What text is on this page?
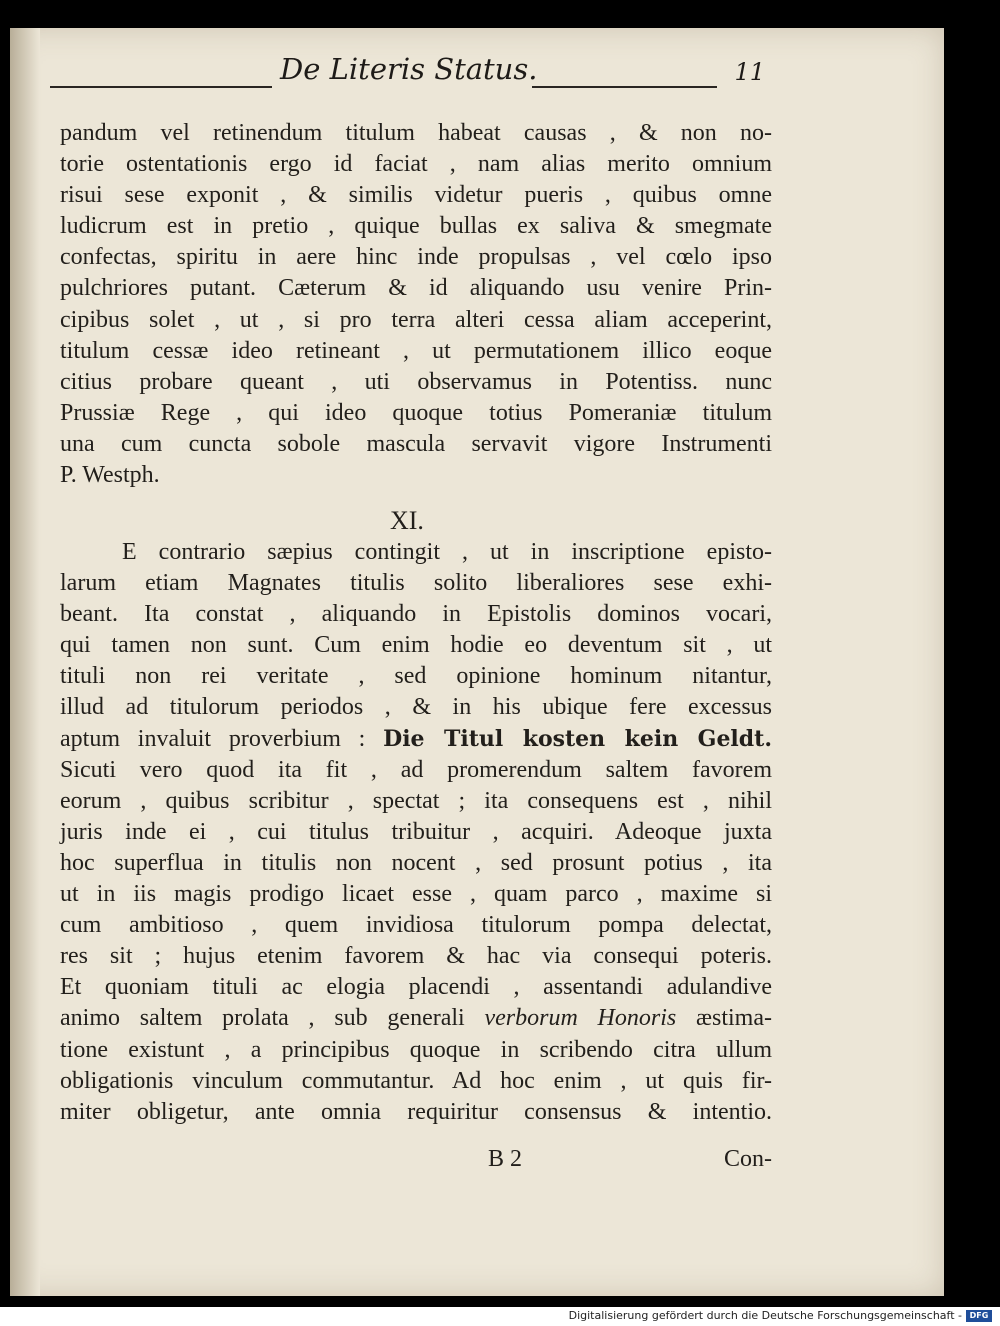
De Literis Status.	11
pandum vel retinendum titulum habeat causas , & non no-
torie ostentationis ergo id faciat , nam alias merito omnium
risui sese exponit , & similis videtur pueris , quibus omne
ludicrum est in pretio , quique bullas ex saliva & smegmate
confectas, spiritu in aere hinc inde propulsas , vel cœlo ipso
pulchriores putant. Cæterum & id aliquando usu venire Prin-
cipibus solet , ut , si pro terra alteri cessa aliam acceperint,
titulum cessæ ideo retineant , ut permutationem illico eoque
citius probare queant , uti observamus in Potentiss. nunc
Prussiæ Rege , qui ideo quoque totius Pomeraniæ titulum
una cum cuncta sobole mascula servavit vigore Instrumenti
P. Westph.
XI.
E contrario sæpius contingit , ut in inscriptione episto-
larum etiam Magnates titulis solito liberaliores sese exhi-
beant. Ita constat , aliquando in Epistolis dominos vocari,
qui tamen non sunt. Cum enim hodie eo deventum sit , ut
tituli non rei veritate , sed opinione hominum nitantur,
illud ad titulorum periodos , & in his ubique fere excessus
aptum invaluit proverbium : Die Titul kosten kein Geldt.
Sicuti vero quod ita fit , ad promerendum saltem favorem
eorum , quibus scribitur , spectat ; ita consequens est , nihil
juris inde ei , cui titulus tribuitur , acquiri. Adeoque juxta
hoc superflua in titulis non nocent , sed prosunt potius , ita
ut in iis magis prodigo licaet esse , quam parco , maxime si
cum ambitioso , quem invidiosa titulorum pompa delectat,
res sit ; hujus etenim favorem & hac via consequi poteris.
Et quoniam tituli ac elogia placendi , assentandi adulandive
animo saltem prolata , sub generali verborum Honoris æstima-
tione existunt , a principibus quoque in scribendo citra ullum
obligationis vinculum commutantur. Ad hoc enim , ut quis fir-
miter obligetur, ante omnia requiritur consensus & intentio.
B 2	Con-
Digitalisierung gefördert durch die Deutsche Forschungsgemeinschaft - DFG
